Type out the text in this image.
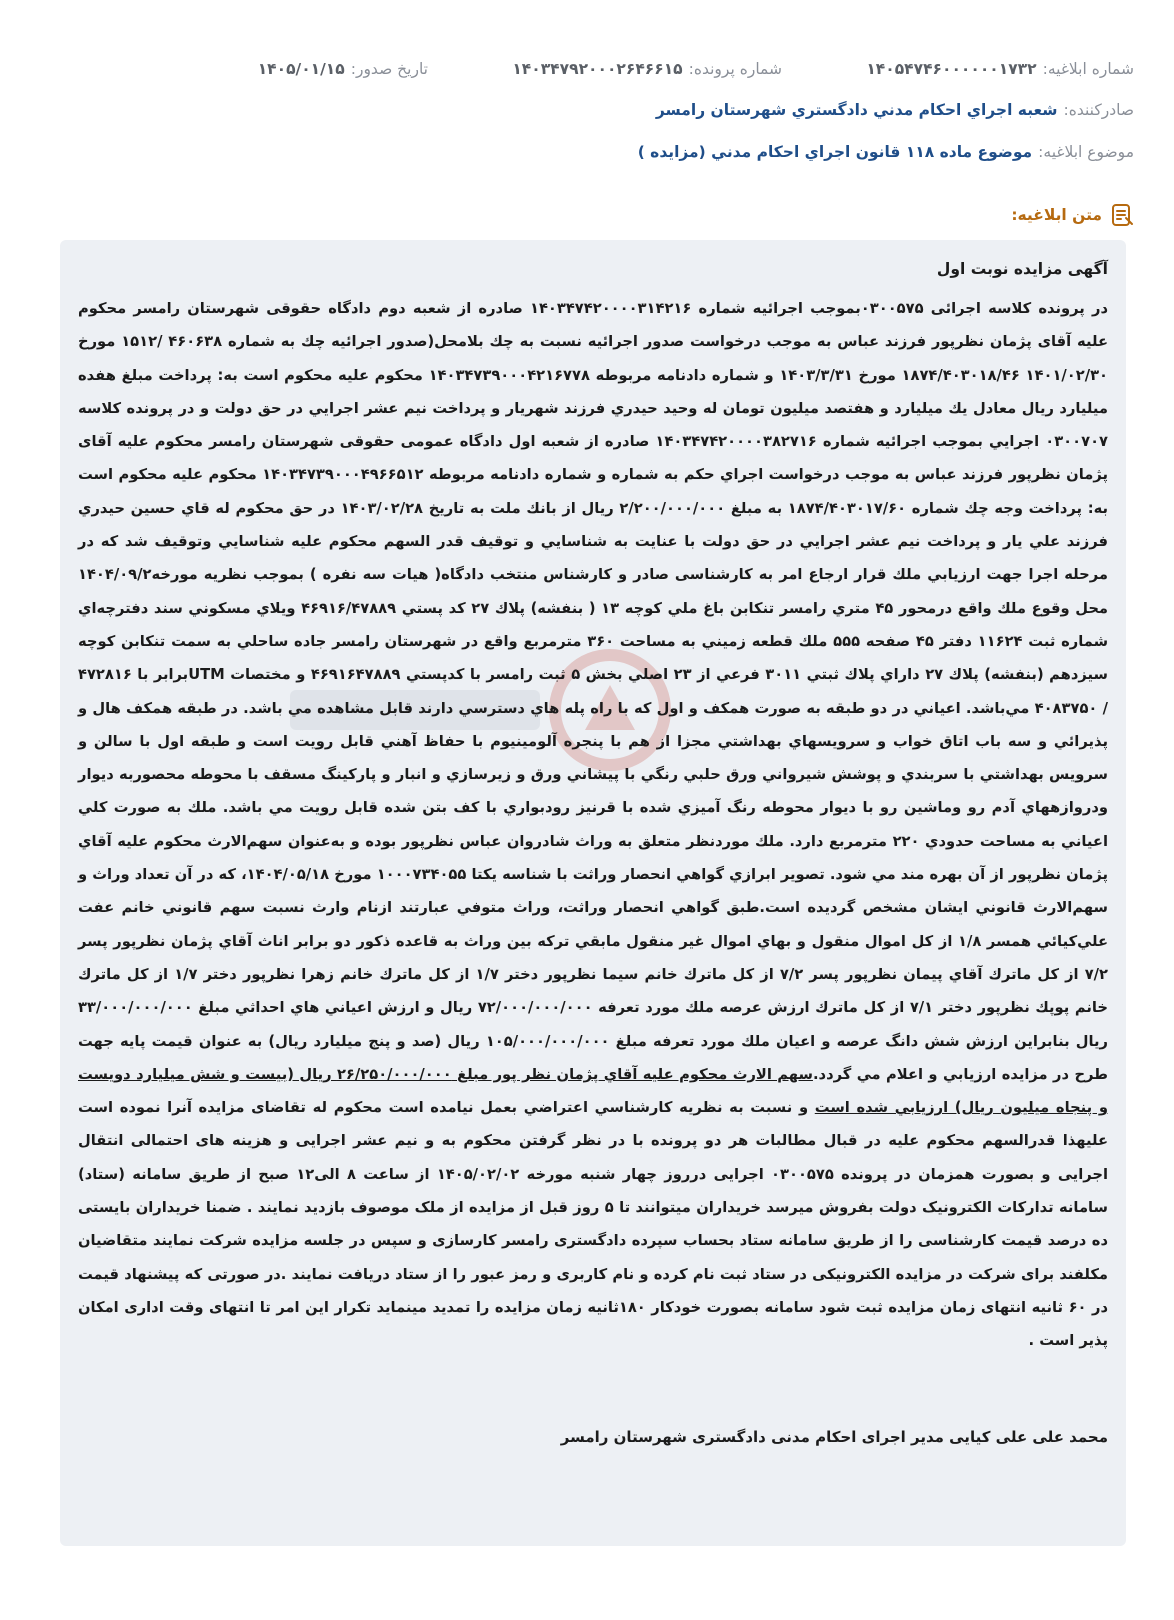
شماره ابلاغیه:
۱۴۰۵۴۷۴۶۰۰۰۰۰۰۱۷۳۲
شماره پرونده:
۱۴۰۳۴۷۹۲۰۰۰۲۶۴۶۶۱۵
تاریخ صدور:
۱۴۰۵/۰۱/۱۵
صادرکننده:
شعبه اجراي احكام مدني دادگستري شهرستان رامسر
موضوع ابلاغیه:
موضوع ماده ۱۱۸ قانون اجراي احكام مدني (مزايده )
متن ابلاغیه:
آگهی مزایده نوبت اول
در پرونده کلاسه اجرائی ۰۳۰۰۵۷۵بموجب اجرائيه شماره ۱۴۰۳۴۷۴۲۰۰۰۰۳۱۴۲۱۶ صادره از شعبه دوم دادگاه حقوقی شهرستان رامسر محکوم علیه آقای پژمان نظرپور فرزند عباس به موجب درخواست صدور اجرائیه نسبت به چك بلامحل(صدور اجرائيه چك به شماره ۴۶۰۶۳۸ /۱۵۱۲ مورخ ۱۴۰۱/۰۲/۳۰ ۱۸۷۴/۴۰۳۰۱۸/۴۶ مورخ ۱۴۰۳/۳/۳۱ و شماره دادنامه مربوطه ۱۴۰۳۴۷۳۹۰۰۰۴۲۱۶۷۷۸ محکوم علیه محکوم است به: پرداخت مبلغ هفده ميليارد ريال معادل يك ميليارد و هفتصد ميليون تومان له وحيد حيدري فرزند شهريار و پرداخت نيم عشر اجرايي در حق دولت و در پرونده كلاسه ۰۳۰۰۷۰۷ اجرايي بموجب اجرائيه شماره ۱۴۰۳۴۷۴۲۰۰۰۰۳۸۲۷۱۶ صادره از شعبه اول دادگاه عمومی حقوقی شهرستان رامسر محکوم علیه آقای پژمان نظرپور فرزند عباس به موجب درخواست اجراي حكم به شماره و شماره دادنامه مربوطه ۱۴۰۳۴۷۳۹۰۰۰۴۹۶۶۵۱۲ محكوم عليه محكوم است به: پرداخت وجه چك شماره ۱۸۷۴/۴۰۳۰۱۷/۶۰ به مبلغ ۲/۲۰۰/۰۰۰/۰۰۰ ريال از بانك ملت به تاريخ ۱۴۰۳/۰۲/۲۸ در حق محكوم له قاي حسين حيدري فرزند علي يار و پرداخت نيم عشر اجرايي در حق دولت با عنايت به شناسايي و توقيف قدر السهم محكوم عليه شناسايي وتوقيف شد كه در مرحله اجرا جهت ارزيابي ملك قرار ارجاع امر به كارشناسی صادر و كارشناس منتخب دادگاه( هيات سه نفره ) بموجب نظريه مورخه۱۴۰۴/۰۹/۲ محل وقوع ملك واقع درمحور ۴۵ متري رامسر تنكابن باغ ملي كوچه ۱۳ ( بنفشه) پلاك ۲۷ كد پستي ۴۶۹۱۶/۴۷۸۸۹ ويلاي مسكوني سند دفترچه‌اي شماره ثبت ۱۱۶۲۴ دفتر ۴۵ صفحه ۵۵۵ ملك قطعه زميني به مساحت ۳۶۰ مترمربع واقع در شهرستان رامسر جاده ساحلي به سمت تنكابن كوچه سيزدهم (بنفشه) پلاك ۲۷ داراي پلاك ثبتي ۳۰۱۱ فرعي از ۲۳ اصلي بخش ۵ ثبت رامسر با كدپستي ۴۶۹۱۶۴۷۸۸۹ و مختصات UTMبرابر با ۴۷۲۸۱۶ / ۴۰۸۳۷۵۰ مي‌باشد. اعياني در دو طبقه به صورت همكف و اول كه با راه پله هاي دسترسي دارند قابل مشاهده مي باشد. در طبقه همكف هال و پذيرائي و سه باب اتاق خواب و سرويسهاي بهداشتي مجزا از هم با پنجره آلومينيوم با حفاظ آهني قابل رويت است و طبقه اول با سالن و سرويس بهداشتي با سربندي و پوشش شيرواني ورق حلبي رنگي با پيشاني ورق و زيرسازي و انبار و پاركينگ مسقف با محوطه محصوربه ديوار ودروازههاي آدم رو وماشين رو با ديوار محوطه رنگ آميزي شده با قرنيز رودبواري با كف بتن شده قابل رويت مي باشد. ملك به صورت كلي اعياني به مساحت حدودي ۲۲۰ مترمربع دارد. ملك موردنظر متعلق به وراث شادروان عباس نظرپور بوده و به‌عنوان سهم‌الارث محكوم عليه آقاي پژمان نظرپور از آن بهره مند مي شود. تصوير ابرازي گواهي انحصار وراثت با شناسه يكتا ۱۰۰۰۷۳۴۰۵۵ مورخ ۱۴۰۴/۰۵/۱۸، كه در آن تعداد وراث و سهم‌الارث قانوني ايشان مشخص گرديده است.طبق گواهي انحصار وراثت، وراث متوفي عبارتند ازنام وارث نسبت سهم قانوني خانم عفت علي‌كيائي همسر ۱/۸ از كل اموال منقول و بهاي اموال غير منقول مابقي تركه بين وراث به قاعده ذكور دو برابر اناث آقاي پژمان نظرپور پسر ۷/۲ از كل ماترك آقاي پيمان نظرپور پسر ۷/۲ از كل ماترك خانم سيما نظرپور دختر ۱/۷ از كل ماترك خانم زهرا نظرپور دختر ۱/۷ از كل ماترك خانم پوپك نظرپور دختر ۷/۱ از كل ماترك ارزش عرصه ملك مورد تعرفه ۷۲/۰۰۰/۰۰۰/۰۰۰ ريال و ارزش اعياني هاي احداثي مبلغ ۳۳/۰۰۰/۰۰۰/۰۰۰ ريال بنابراين ارزش شش دانگ عرصه و اعيان ملك مورد تعرفه مبلغ ۱۰۵/۰۰۰/۰۰۰/۰۰۰ ريال (صد و پنج ميليارد ريال) به عنوان قيمت پايه جهت طرح در مزايده ارزيابي و اعلام مي گردد.سهم الارث محكوم عليه آقاي پژمان نظر پور مبلغ ۲۶/۲۵۰/۰۰۰/۰۰۰ ريال (بيست و شش ميليارد دويست و پنجاه ميليون ريال) ارزيابي شده است و نسبت به نظريه كارشناسي اعتراضي بعمل نيامده است محکوم له تقاضای مزایده آنرا نموده است علیهذا قدرالسهم محکوم علیه در قبال مطالبات هر دو پرونده با در نظر گرفتن محکوم به و نیم عشر اجرایی و هزینه های احتمالی انتقال اجرایی و بصورت همزمان در پرونده ۰۳۰۰۵۷۵ اجرایی درروز چهار شنبه مورخه ۱۴۰۵/۰۲/۰۲ از ساعت ۸ الی۱۲ صبح از طریق سامانه (ستاد) سامانه تدارکات الکترونیک دولت بفروش میرسد خریداران میتوانند تا ۵ روز قبل از مزایده از ملک موصوف بازدید نمایند . ضمنا خریداران بایستی ده درصد قیمت کارشناسی را از طریق سامانه ستاد بحساب سپرده دادگستری رامسر کارسازی و سپس در جلسه مزایده شرکت نمایند متقاضیان مکلفند برای شرکت در مزایده الکترونیکی در ستاد ثبت نام کرده و نام کاربری و رمز عبور را از ستاد دریافت نمایند .در صورتی که پیشنهاد قیمت در ۶۰ ثانیه انتهای زمان مزایده ثبت شود سامانه بصورت خودکار ۱۸۰ثانیه زمان مزایده را تمدید مینماید تکرار این امر تا انتهای وقت اداری امکان پذیر است .
محمد علی علی کیایی مدیر اجرای احکام مدنی دادگستری شهرستان رامسر
